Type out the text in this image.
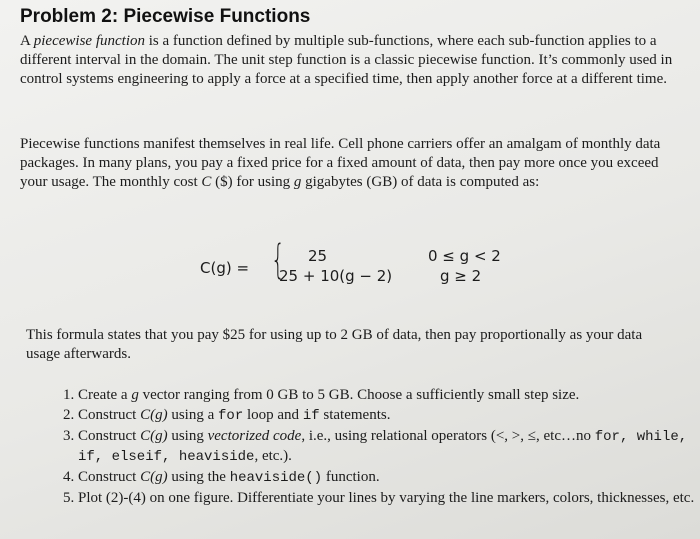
Problem 2: Piecewise Functions

A piecewise function is a function defined by multiple sub-functions, where each sub-function applies to a different interval in the domain. The unit step function is a classic piecewise function. It’s commonly used in control systems engineering to apply a force at a specified time, then apply another force at a different time.

Piecewise functions manifest themselves in real life. Cell phone carriers offer an amalgam of monthly data packages. In many plans, you pay a fixed price for a fixed amount of data, then pay more once you exceed your usage. The monthly cost C ($) for using g gigabytes (GB) of data is computed as:

C(g) = { 25
25 + 10(g − 2)
0 ≤ g < 2
g ≥ 2

This formula states that you pay $25 for using up to 2 GB of data, then pay proportionally as your data usage afterwards.

1. Create a g vector ranging from 0 GB to 5 GB. Choose a sufficiently small step size.
2. Construct C(g) using a for loop and if statements.
3. Construct C(g) using vectorized code, i.e., using relational operators (<, >, ≤, etc…no for, while, if, elseif, heaviside, etc.).
4. Construct C(g) using the heaviside() function.
5. Plot (2)-(4) on one figure. Differentiate your lines by varying the line markers, colors, thicknesses, etc.
